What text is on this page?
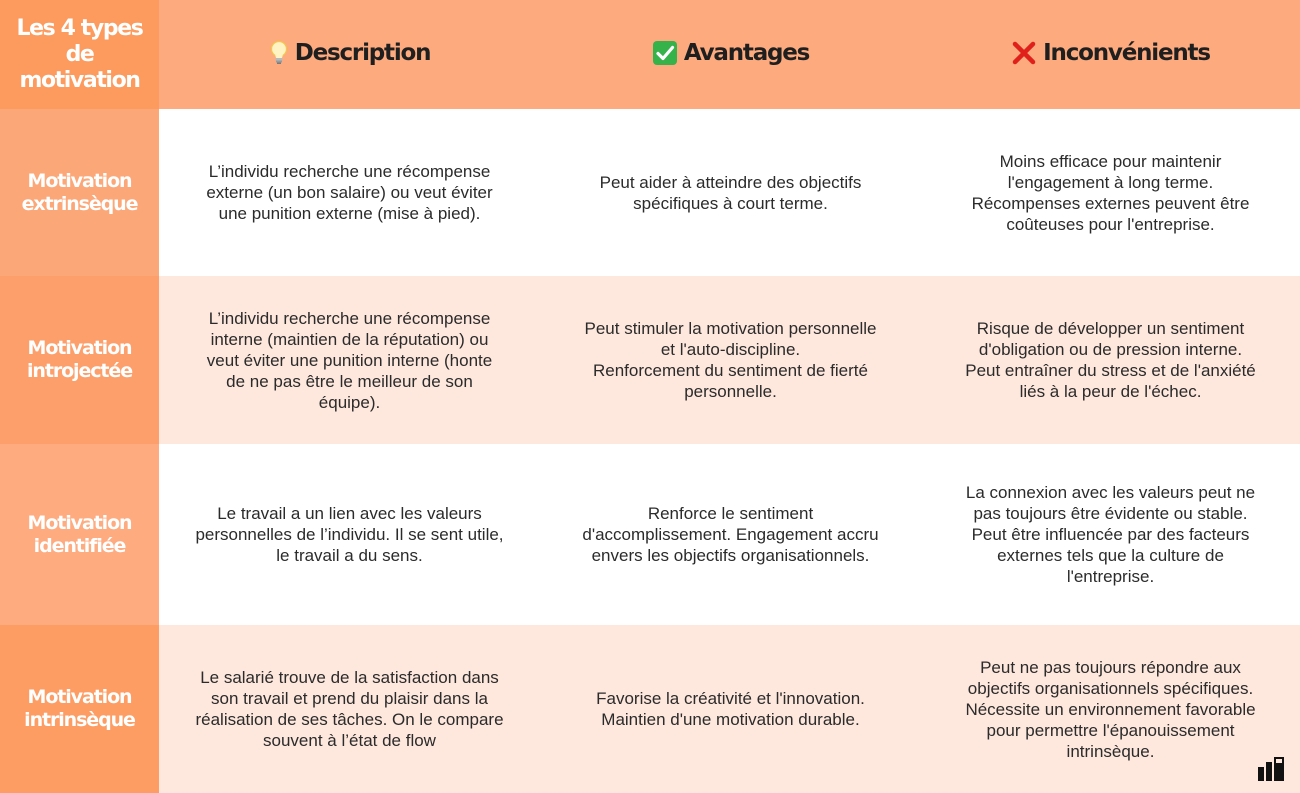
Les 4 types de motivation
Description	Avantages	Inconvénients
Motivation extrinsèque
L’individu recherche une récompense externe (un bon salaire) ou veut éviter une punition externe (mise à pied).
Peut aider à atteindre des objectifs spécifiques à court terme.
Moins efficace pour maintenir l'engagement à long terme.
Récompenses externes peuvent être coûteuses pour l'entreprise.
Motivation introjectée
L’individu recherche une récompense interne (maintien de la réputation) ou veut éviter une punition interne (honte de ne pas être le meilleur de son équipe).
Peut stimuler la motivation personnelle et l'auto-discipline.
Renforcement du sentiment de fierté personnelle.
Risque de développer un sentiment d'obligation ou de pression interne.
Peut entraîner du stress et de l'anxiété liés à la peur de l'échec.
Motivation identifiée
Le travail a un lien avec les valeurs personnelles de l’individu. Il se sent utile, le travail a du sens.
Renforce le sentiment d'accomplissement. Engagement accru envers les objectifs organisationnels.
La connexion avec les valeurs peut ne pas toujours être évidente ou stable. Peut être influencée par des facteurs externes tels que la culture de l'entreprise.
Motivation intrinsèque
Le salarié trouve de la satisfaction dans son travail et prend du plaisir dans la réalisation de ses tâches. On le compare souvent à l’état de flow
Favorise la créativité et l'innovation.
Maintien d'une motivation durable.
Peut ne pas toujours répondre aux objectifs organisationnels spécifiques.
Nécessite un environnement favorable pour permettre l'épanouissement intrinsèque.
